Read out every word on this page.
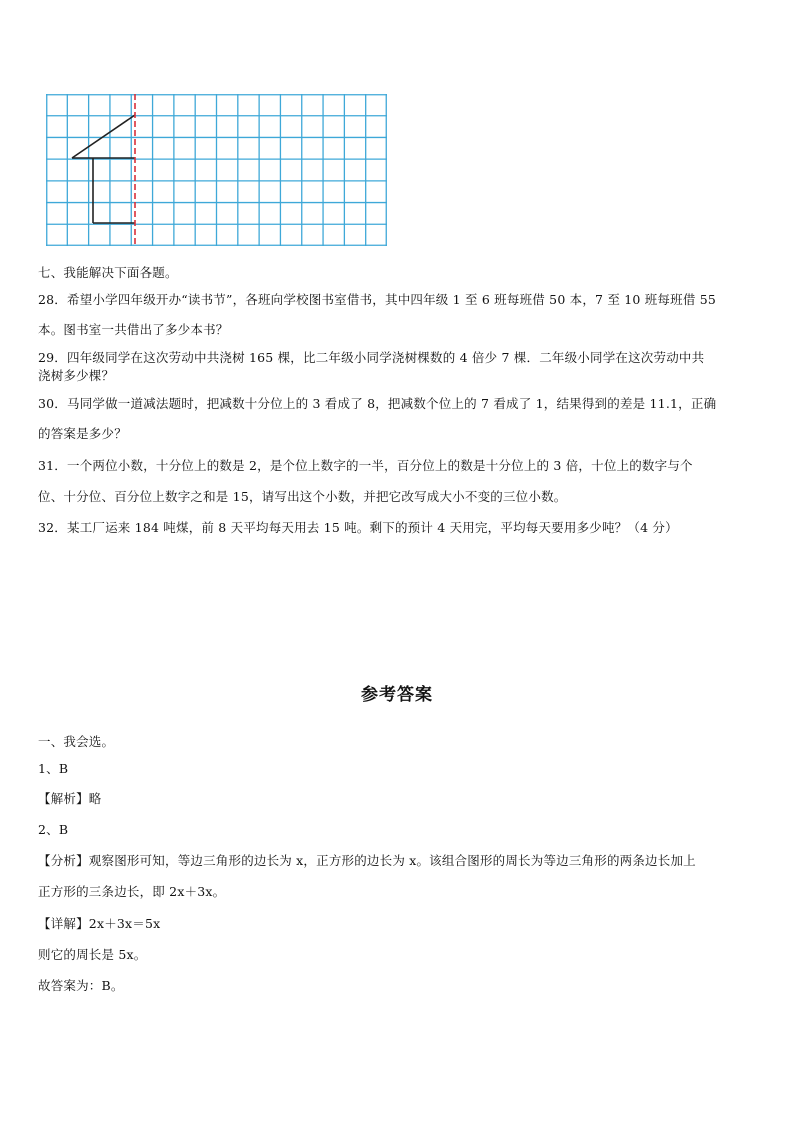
七、我能解决下面各题。
28．希望小学四年级开办“读书节”，各班向学校图书室借书，其中四年级 1 至 6 班每班借 50 本，7 至 10 班每班借 55
本。图书室一共借出了多少本书？
29．四年级同学在这次劳动中共浇树 165 棵，比二年级小同学浇树棵数的 4 倍少 7 棵．二年级小同学在这次劳动中共
浇树多少棵？
30．马同学做一道减法题时，把减数十分位上的 3 看成了 8，把减数个位上的 7 看成了 1，结果得到的差是 11.1，正确
的答案是多少？
31．一个两位小数，十分位上的数是 2，是个位上数字的一半，百分位上的数是十分位上的 3 倍，十位上的数字与个
位、十分位、百分位上数字之和是 15，请写出这个小数，并把它改写成大小不变的三位小数。
32．某工厂运来 184 吨煤，前 8 天平均每天用去 15 吨。剩下的预计 4 天用完，平均每天要用多少吨？（4 分）
参考答案
一、我会选。
1、B
【解析】略
2、B
【分析】观察图形可知，等边三角形的边长为 x，正方形的边长为 x。该组合图形的周长为等边三角形的两条边长加上
正方形的三条边长，即 2x＋3x。
【详解】2x＋3x＝5x
则它的周长是 5x。
故答案为：B。
